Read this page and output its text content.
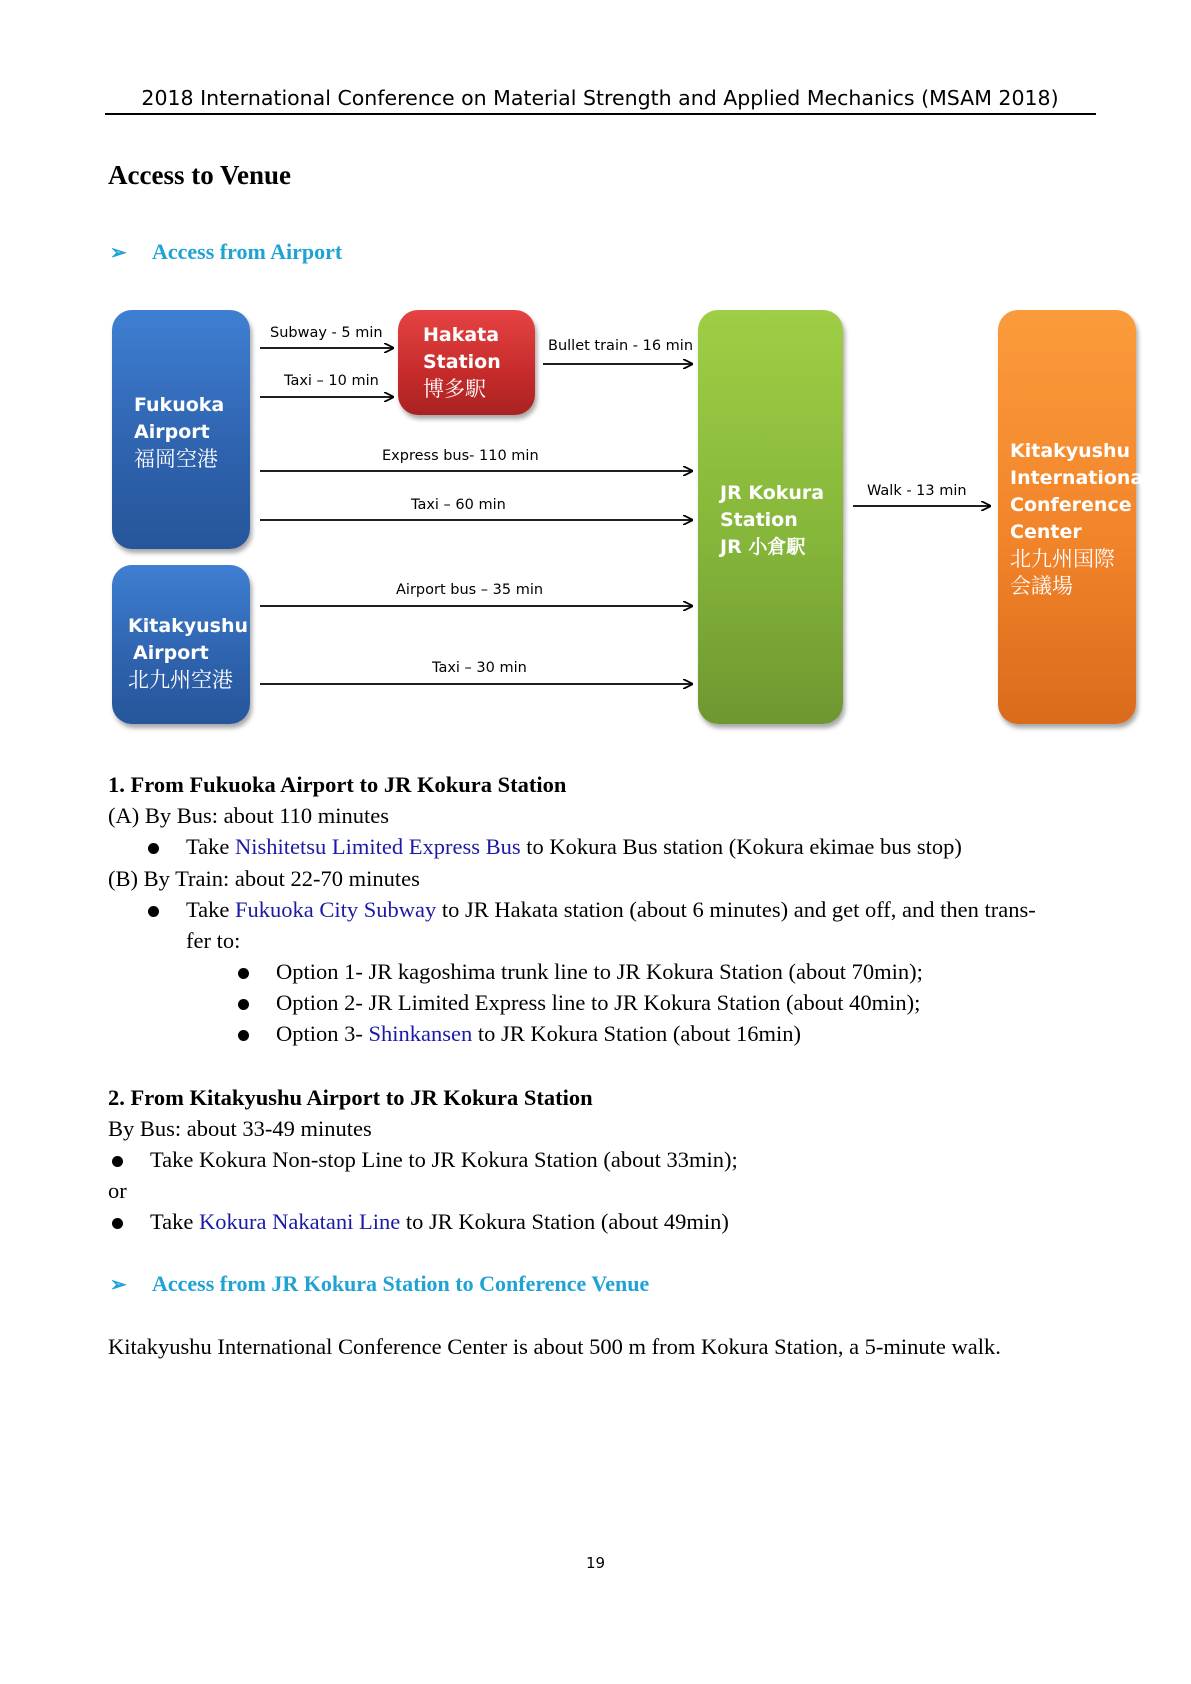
2018 International Conference on Material Strength and Applied Mechanics (MSAM 2018)
Access to Venue
➢ Access from Airport
Fukuoka
Airport
福岡空港
Kitakyushu
Airport
北九州空港
Hakata
Station
博多駅
JR Kokura
Station
JR 小倉駅
Kitakyushu
International
Conference
Center
北九州国際
会議場
Subway - 5 min
Taxi – 10 min
Bullet train - 16 min
Express bus- 110 min
Taxi – 60 min
Walk - 13 min
Airport bus – 35 min
Taxi – 30 min
1. From Fukuoka Airport to JR Kokura Station
(A) By Bus: about 110 minutes
Take Nishitetsu Limited Express Bus to Kokura Bus station (Kokura ekimae bus stop)
(B) By Train: about 22-70 minutes
Take Fukuoka City Subway to JR Hakata station (about 6 minutes) and get off, and then trans-
fer to:
Option 1- JR kagoshima trunk line to JR Kokura Station (about 70min);
Option 2- JR Limited Express line to JR Kokura Station (about 40min);
Option 3- Shinkansen to JR Kokura Station (about 16min)
2. From Kitakyushu Airport to JR Kokura Station
By Bus: about 33-49 minutes
Take Kokura Non-stop Line to JR Kokura Station (about 33min);
or
Take Kokura Nakatani Line to JR Kokura Station (about 49min)
➢ Access from JR Kokura Station to Conference Venue
Kitakyushu International Conference Center is about 500 m from Kokura Station, a 5-minute walk.
19
